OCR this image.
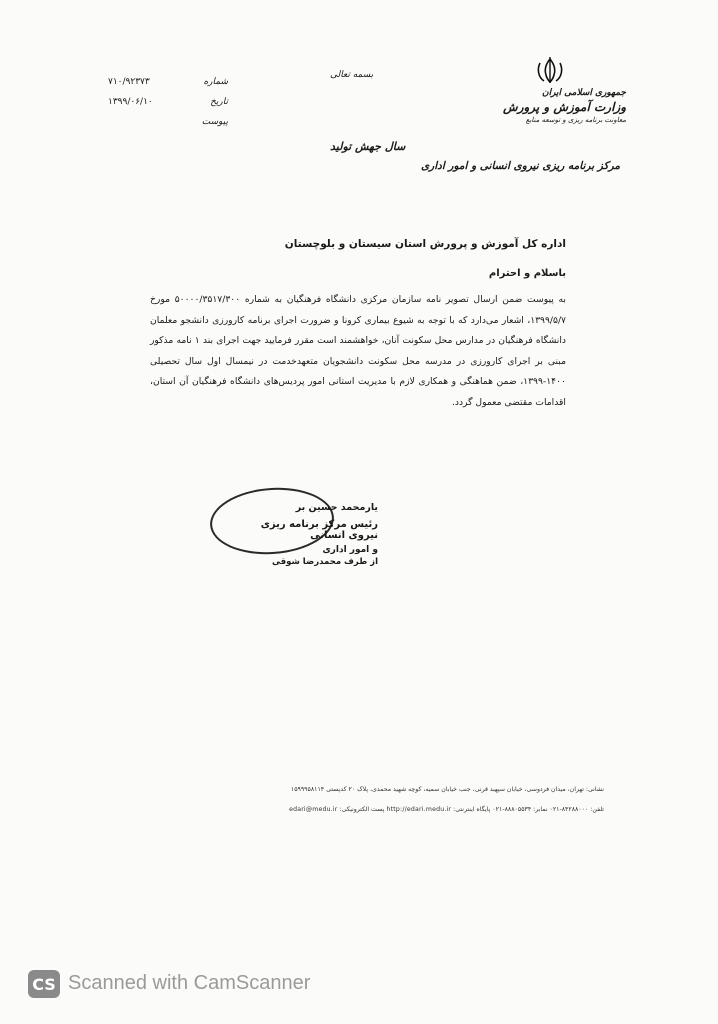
بسمه تعالی
شماره
۷۱۰/۹۲۳۷۳
تاریخ
۱۳۹۹/۰۶/۱۰
پیوست
سال جهش تولید
جمهوری اسلامی ایران
وزارت آموزش و پرورش
معاونت برنامه ریزی و توسعه منابع
مرکز برنامه ریزی نیروی انسانی و امور اداری
اداره کل آموزش و پرورش استان سیستان و بلوچستان
باسلام و احترام
به پیوست ضمن ارسال تصویر نامه سازمان مرکزی دانشگاه فرهنگیان به شماره ۵۰۰۰۰/۳۵۱۷/۳۰۰ مورخ ۱۳۹۹/۵/۷، اشعار می‌دارد که با توجه به شیوع بیماری کرونا و ضرورت اجرای برنامه کارورزی دانشجو معلمان دانشگاه فرهنگیان در مدارس محل سکونت آنان، خواهشمند است مقرر فرمایید جهت اجرای بند ۱ نامه مذکور مبنی بر اجرای کارورزی در مدرسه محل سکونت دانشجویان متعهدخدمت در نیمسال اول سال تحصیلی ۱۴۰۰-۱۳۹۹، ضمن هماهنگی و همکاری لازم با مدیریت استانی امور پردیس‌های دانشگاه فرهنگیان آن استان، اقدامات مقتضی معمول گردد.
یارمحمد حسین بر
رئیس مرکز برنامه ریزی نیروی انسانی
و امور اداری
از طرف محمدرضا شوقی
نشانی: تهران، میدان فردوسی، خیابان سپهبد قرنی، جنب خیابان سمیه، کوچه شهید محمدی، پلاک ۲۰ کدپستی ۱۵۹۹۹۵۸۱۱۴
تلفن: ۸۴۲۸۸۰۰۰-۰۲۱ نمابر: ۸۸۸۰۵۵۳۴-۰۲۱ پایگاه اینترنتی: http://edari.medu.ir پست الکترونیکی: edari@medu.ir
CS Scanned with CamScanner
